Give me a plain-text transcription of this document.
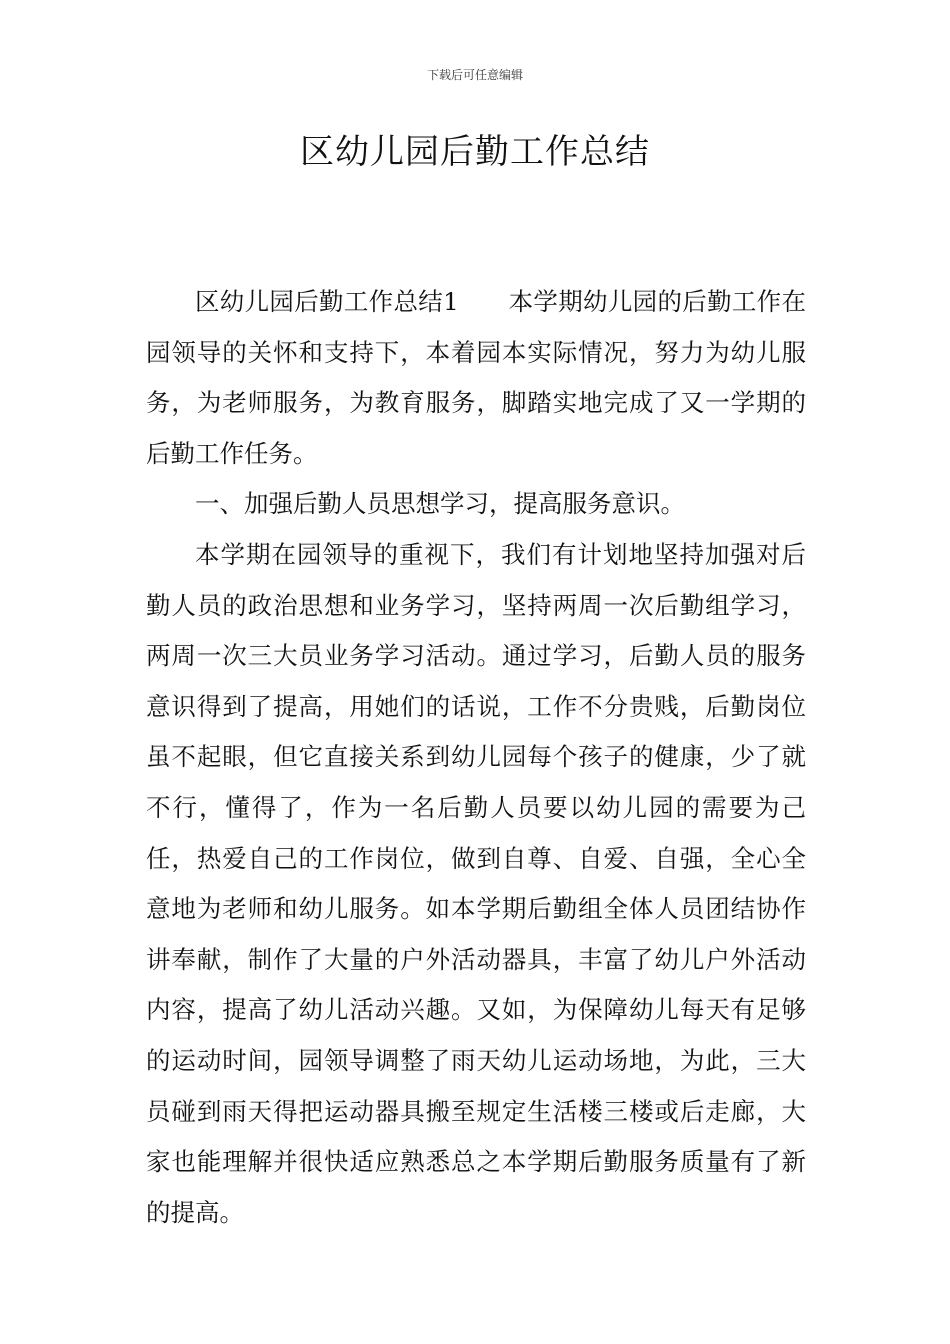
下载后可任意编辑
区幼儿园后勤工作总结

区幼儿园后勤工作总结1　　本学期幼儿园的后勤工作在园领导的关怀和支持下，本着园本实际情况，努力为幼儿服务，为老师服务，为教育服务，脚踏实地完成了又一学期的后勤工作任务。

一、加强后勤人员思想学习，提高服务意识。

本学期在园领导的重视下，我们有计划地坚持加强对后勤人员的政治思想和业务学习，坚持两周一次后勤组学习，两周一次三大员业务学习活动。通过学习，后勤人员的服务意识得到了提高，用她们的话说，工作不分贵贱，后勤岗位虽不起眼，但它直接关系到幼儿园每个孩子的健康，少了就不行，懂得了，作为一名后勤人员要以幼儿园的需要为己任，热爱自己的工作岗位，做到自尊、自爱、自强，全心全意地为老师和幼儿服务。如本学期后勤组全体人员团结协作讲奉献，制作了大量的户外活动器具，丰富了幼儿户外活动内容，提高了幼儿活动兴趣。又如，为保障幼儿每天有足够的运动时间，园领导调整了雨天幼儿运动场地，为此，三大员碰到雨天得把运动器具搬至规定生活楼三楼或后走廊，大家也能理解并很快适应熟悉总之本学期后勤服务质量有了新的提高。
